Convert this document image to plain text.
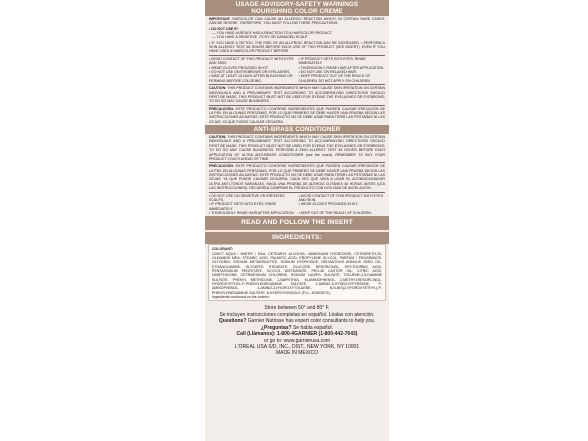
USAGE ADVISORY-SAFETY WARNINGS
NOURISHING COLOR CREME

IMPORTANT: HAIRCOLOR CAN CAUSE AN ALLERGIC REACTION WHICH, IN CERTAIN RARE CASES, CAN BE SEVERE. THEREFORE, YOU MUST FOLLOW THESE PRECAUTIONS:

• DO NOT USE IF:

— YOU HAVE ALREADY HAD A REACTION TO A HAIRCOLOR PRODUCT.
— YOU HAVE A SENSITIVE, ITCHY OR DAMAGED SCALP.

• IF YOU HAVE A TATTOO, THE RISK OF AN ALLERGIC REACTION MAY BE INCREASED. • PERFORM A SKIN ALLERGY TEST 48 HOURS BEFORE EACH USE OF THIS PRODUCT (SEE INSERT), EVEN IF YOU HAVE USED A HAIRCOLOR PRODUCT BEFORE.

• AVOID CONTACT OF THIS PRODUCT WITH EYES AND SKIN.
• IF PRODUCT GETS INTO EYES, RINSE IMMEDIATELY.
• WEAR GLOVES PROVIDED IN KIT.	• THOROUGHLY RINSE HAIR AFTER APPLICATION.
• DO NOT USE ON EYEBROWS OR EYELASHES.	• DO NOT USE ON RELAXED HAIR.
• WAIT AT LEAST 15 DAYS AFTER BLEACHING OR PERMING BEFORE COLORING.
• KEEP PRODUCT OUT OF THE REACH OF CHILDREN. DO NOT APPLY ON CHILDREN.

CAUTION: THIS PRODUCT CONTAINS INGREDIENTS WHICH MAY CAUSE SKIN IRRITATION ON CERTAIN INDIVIDUALS AND A PRELIMINARY TEST ACCORDING TO ACCOMPANYING DIRECTIONS SHOULD FIRST BE MADE. THIS PRODUCT MUST NOT BE USED FOR DYEING THE EYELASHES OR EYEBROWS; TO DO SO MAY CAUSE BLINDNESS.

PRECAUCIÓN: ESTE PRODUCTO CONTIENE INGREDIENTES QUE PUEDEN CAUSAR IRRITACIÓN DE LA PIEL EN ALGUNAS PERSONAS, POR LO QUE PRIMERO SE DEBE HACER UNA PRUEBA SEGÚN LAS INSTRUCCIONES ADJUNTAS. ESTE PRODUCTO NO SE DEBE USAR PARA TEÑIR LAS PESTAÑAS NI LAS CEJAS, YA QUE PUEDE CAUSAR CEGUERA.

ANTI-BRASS CONDITIONER

CAUTION: THIS PRODUCT CONTAINS INGREDIENTS WHICH MAY CAUSE SKIN IRRITATION ON CERTAIN INDIVIDUALS AND A PRELIMINARY TEST ACCORDING TO ACCOMPANYING DIRECTIONS SHOULD FIRST BE MADE. THIS PRODUCT MUST NOT BE USED FOR DYEING THE EYELASHES OR EYEBROWS; TO DO SO MAY CAUSE BLINDNESS. PERFORM A SKIN ALLERGY TEST 48 HOURS BEFORE EACH APPLICATION OF ULTRA ANTI-BRASS CONDITIONER (see the insert). REMEMBER TO BUY YOUR PRODUCT 2 DAYS AHEAD OF TIME.

PRECAUCIÓN: ESTE PRODUCTO CONTIENE INGREDIENTES QUE PUEDEN CAUSAR IRRITACIÓN DE LA PIEL EN ALGUNAS PERSONAS, POR LO QUE PRIMERO SE DEBE HACER UNA PRUEBA SEGÚN LAS INSTRUCCIONES ADJUNTAS. ESTE PRODUCTO NO SE DEBE USAR PARA TEÑIR LAS PESTAÑAS NI LAS CEJAS, YA QUE PUEDE CAUSAR CEGUERA. CADA VEZ QUE VAYA A USAR EL ACONDICIONADOR ULTRA ANTI-TONOS NARANJAS, HAGA UNA PRUEBA DE ALERGIA CUTÁNEA 48 HORAS ANTES (LEA LAS INSTRUCCIONES). RECUERDA COMPRAR EL PRODUCTO CON DOS DÍAS DE ANTELACIÓN.

• DO NOT USE ON SENSITIVE OR IRRITATED SCALPS.
• AVOID CONTACT OF THIS PRODUCT WITH EYES AND SKIN.
• IF PRODUCT GETS INTO EYES, RINSE IMMEDIATELY.
• WEAR GLOVES PROVIDED IN KIT.
• THOROUGHLY RINSE HAIR AFTER APPLICATION. • KEEP OUT OF THE REACH OF CHILDREN.
READ AND FOLLOW THE INSERT
INGREDIENTS:

COLORANT:

129977 AQUA / WATER / EAU, CETEARYL ALCOHOL, AMMONIUM HYDROXIDE, CETEARETH-25, OLEAMIDE MEA, STEARIC ACID, PALMITIC ACID, PROPYLENE GLYCOL, PARFUM / FRAGRANCE, GLYCERIN, SODIUM METABISULFITE, SODIUM HYDROXIDE, HELIANTHUS ANNUUS SEED OIL, ETHANOLAMINE, GLYCERYL STEARATE, GLUCOSE, RESORCINOL, ERYTHORBIC ACID, PENTASODIUM PENTETATE, GLYCOL DISTEARATE, PEG-40 CASTOR OIL, CITRIC ACID, DIMETHICONE, CETRIMONIUM CHLORIDE, SODIUM LAURYL SULFATE, TOLUENE-2,5-DIAMINE SULFATE, PHENYL METHICONE, 1-NAPHTHOL, M-AMINOPHENOL, 2-METHYLRESORCINOL, HYDROXYETHYL-P-PHENYLENEDIAMINE SULFATE, 2-AMINO-3-HYDROXYPYRIDINE, P-AMINOPHENOL, 4-AMINO-2-HYDROXYTOLUENE, N,N-BIS(2-HYDROXYETHYL)-P-PHENYLENEDIAMINE SULFATE, 6-HYDROXYINDOLE (F.I.L. #C50397/1).

Ingredients continued on the bottom.

Store between 50° and 80° F.
Se incluyen instrucciones completas en español. Léalas con atención.
Questions? Garnier Nutrisse has expert color consultants to help you.
¿Preguntas? Se habla español.
Call (Llámanos): 1-800-4GARNIER (1-800-442-7643)
or go to: www.garnierusa.com
L'ORÉAL USA S/D, INC., DIST., NEW YORK, NY 10001
MADE IN MEXICO
